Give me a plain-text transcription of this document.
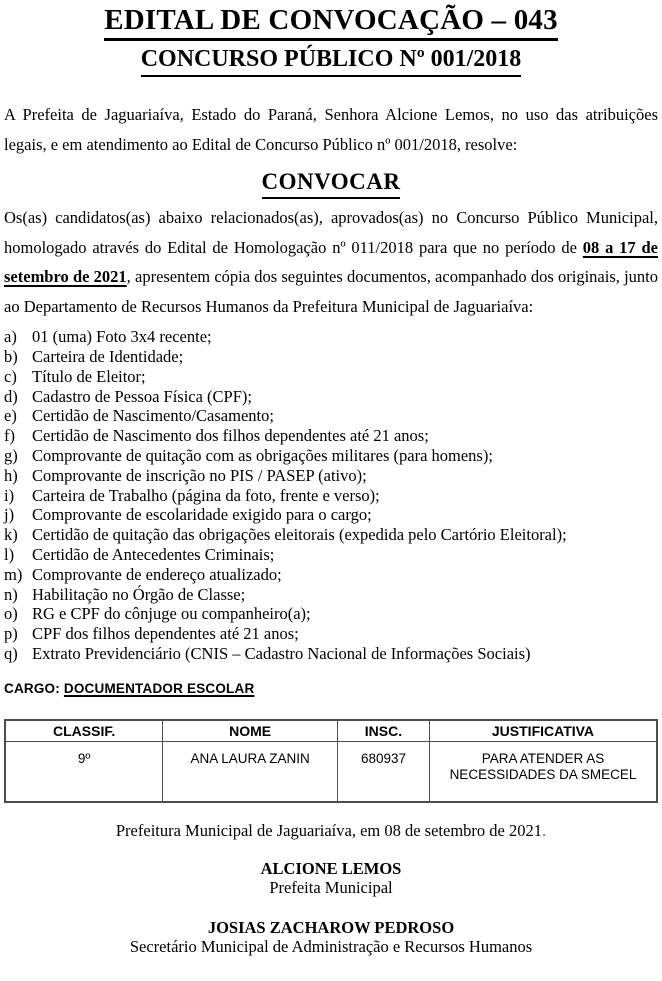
EDITAL DE CONVOCAÇÃO – 043
CONCURSO PÚBLICO Nº 001/2018

A Prefeita de Jaguariaíva, Estado do Paraná, Senhora Alcione Lemos, no uso das atribuições legais, e em atendimento ao Edital de Concurso Público nº 001/2018, resolve:

CONVOCAR

Os(as) candidatos(as) abaixo relacionados(as), aprovados(as) no Concurso Público Municipal, homologado através do Edital de Homologação nº 011/2018 para que no período de 08 a 17 de setembro de 2021, apresentem cópia dos seguintes documentos, acompanhado dos originais, junto ao Departamento de Recursos Humanos da Prefeitura Municipal de Jaguariaíva:

a) 01 (uma) Foto 3x4 recente;
b) Carteira de Identidade;
c) Título de Eleitor;
d) Cadastro de Pessoa Física (CPF);
e) Certidão de Nascimento/Casamento;
f)	Certidão de Nascimento dos filhos dependentes até 21 anos;
g) Comprovante de quitação com as obrigações militares (para homens);
h) Comprovante de inscrição no PIS / PASEP (ativo);
i)	Carteira de Trabalho (página da foto, frente e verso);
j)	Comprovante de escolaridade exigido para o cargo;
k) Certidão de quitação das obrigações eleitorais (expedida pelo Cartório Eleitoral);
l)	Certidão de Antecedentes Criminais;
m) Comprovante de endereço atualizado;
n) Habilitação no Órgão de Classe;
o) RG e CPF do cônjuge ou companheiro(a);
p) CPF dos filhos dependentes até 21 anos;
q) Extrato Previdenciário (CNIS – Cadastro Nacional de Informações Sociais)
CARGO: DOCUMENTADOR ESCOLAR
CLASSIF.	NOME	INSC.	JUSTIFICATIVA
9º	ANA LAURA ZANIN	680937	PARA ATENDER AS NECESSIDADES DA SMECEL

Prefeitura Municipal de Jaguariaíva, em 08 de setembro de 2021.

ALCIONE LEMOS
Prefeita Municipal
JOSIAS ZACHAROW PEDROSO
Secretário Municipal de Administração e Recursos Humanos
